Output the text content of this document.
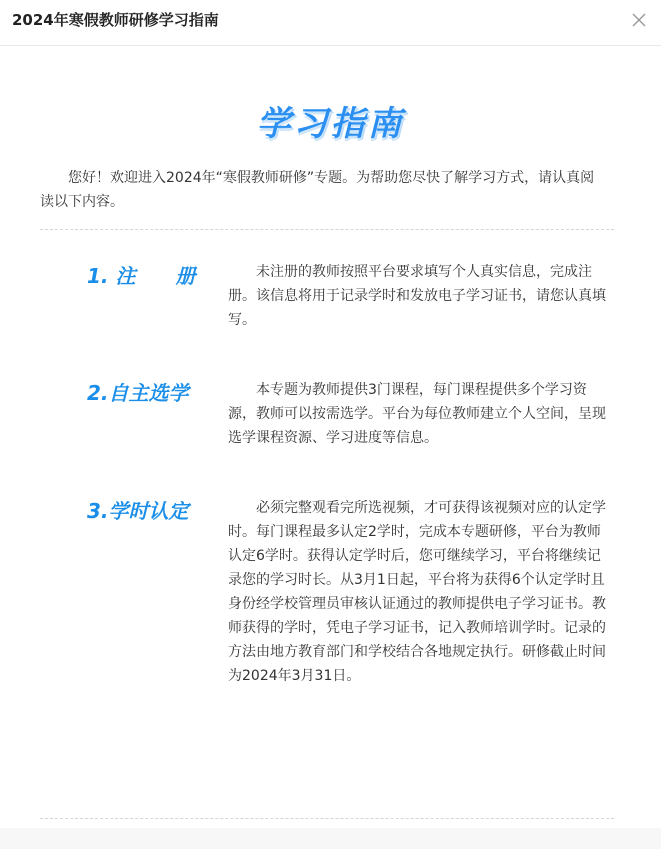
2024年寒假教师研修学习指南
学习指南
您好！欢迎进入2024年“寒假教师研修”专题。为帮助您尽快了解学习方式，请认真阅读以下内容。
1. 注　　册	未注册的教师按照平台要求填写个人真实信息，完成注册。该信息将用于记录学时和发放电子学习证书，请您认真填写。
2.自主选学	本专题为教师提供3门课程，每门课程提供多个学习资源，教师可以按需选学。平台为每位教师建立个人空间，呈现选学课程资源、学习进度等信息。
3.学时认定	必须完整观看完所选视频，才可获得该视频对应的认定学时。每门课程最多认定2学时，完成本专题研修，平台为教师认定6学时。获得认定学时后，您可继续学习，平台将继续记录您的学习时长。从3月1日起，平台将为获得6个认定学时且身份经学校管理员审核认证通过的教师提供电子学习证书。教师获得的学时，凭电子学习证书，记入教师培训学时。记录的方法由地方教育部门和学校结合各地规定执行。研修截止时间为2024年3月31日。
